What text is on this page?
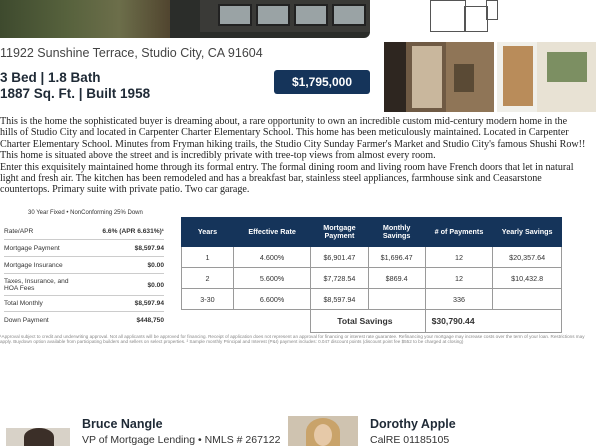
11922 Sunshine Terrace, Studio City, CA 91604
3 Bed | 1.8 Bath
1887 Sq. Ft. | Built 1958
$1,795,000

This is the home the sophisticated buyer is dreaming about, a rare opportunity to own an incredible custom mid-century modern home in the hills of Studio City and located in Carpenter Charter Elementary School. This home has been meticulously maintained. Located in Carpenter Charter Elementary School. Minutes from Fryman hiking trails, the Studio City Sunday Farmer's Market and Studio City's famous Shushi Row!! This home is situated above the street and is incredibly private with tree-top views from almost every room.

Enter this exquisitely maintained home through its formal entry. The formal dining room and living room have French doors that let in natural light and fresh air. The kitchen has been remodeled and has a breakfast bar, stainless steel appliances, farmhouse sink and Ceasarstone countertops. Primary suite with private patio. Two car garage.

30 Year Fixed • NonConforming 25% Down
Rate/APR	6.6% (APR 6.631%)¹
Mortgage Payment	$8,597.94
Mortgage Insurance	$0.00
Taxes, Insurance, and
HOA Fees	$0.00
Total Monthly	$8,597.94
Down Payment	$448,750
Years	Effective Rate	Mortgage Payment	Monthly Savings	# of Payments	Yearly Savings
1	4.600%	$6,901.47	$1,696.47	12	$20,357.64
2	5.600%	$7,728.54	$869.4	12	$10,432.8
3-30	6.600%	$8,597.94		336	
		Total Savings		$30,790.44	
¹Approval subject to credit and underwriting approval. Not all applicants will be approved for financing. Receipt of application does not represent an approval for financing or interest rate guarantee. Refinancing your mortgage may increase costs over the term of your loan. Restrictions may apply. Buydown option available from participating builders and sellers on select properties. ² Sample monthly Principal and Interest (P&I) payment includes: 0.047 discount points (discount point fee $552 to be charged at closing)
Bruce Nangle
VP of Mortgage Lending • NMLS # 267122
Dorothy Apple
CalRE 01185105
